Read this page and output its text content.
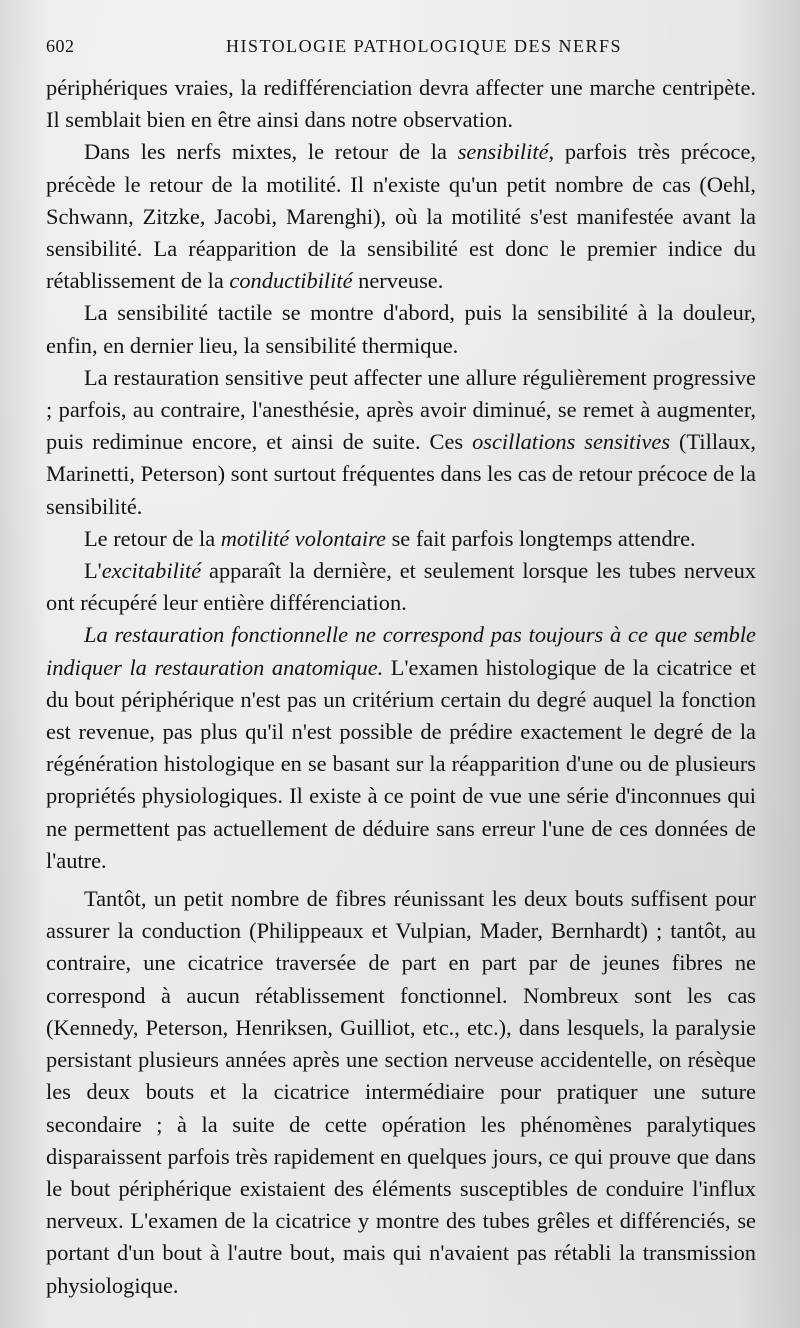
602	HISTOLOGIE PATHOLOGIQUE DES NERFS

périphériques vraies, la redifférenciation devra affecter une marche centripète. Il semblait bien en être ainsi dans notre observation.

Dans les nerfs mixtes, le retour de la sensibilité, parfois très précoce, précède le retour de la motilité. Il n'existe qu'un petit nombre de cas (Oehl, Schwann, Zitzke, Jacobi, Marenghi), où la motilité s'est manifestée avant la sensibilité. La réapparition de la sensibilité est donc le premier indice du rétablissement de la conductibilité nerveuse.

La sensibilité tactile se montre d'abord, puis la sensibilité à la douleur, enfin, en dernier lieu, la sensibilité thermique.

La restauration sensitive peut affecter une allure régulièrement progressive ; parfois, au contraire, l'anesthésie, après avoir diminué, se remet à augmenter, puis rediminue encore, et ainsi de suite. Ces oscillations sensitives (Tillaux, Marinetti, Peterson) sont surtout fréquentes dans les cas de retour précoce de la sensibilité.

Le retour de la motilité volontaire se fait parfois longtemps attendre.

L'excitabilité apparaît la dernière, et seulement lorsque les tubes nerveux ont récupéré leur entière différenciation.

La restauration fonctionnelle ne correspond pas toujours à ce que semble indiquer la restauration anatomique. L'examen histologique de la cicatrice et du bout périphérique n'est pas un critérium certain du degré auquel la fonction est revenue, pas plus qu'il n'est possible de prédire exactement le degré de la régénération histologique en se basant sur la réapparition d'une ou de plusieurs propriétés physiologiques. Il existe à ce point de vue une série d'inconnues qui ne permettent pas actuellement de déduire sans erreur l'une de ces données de l'autre.

Tantôt, un petit nombre de fibres réunissant les deux bouts suffisent pour assurer la conduction (Philippeaux et Vulpian, Mader, Bernhardt) ; tantôt, au contraire, une cicatrice traversée de part en part par de jeunes fibres ne correspond à aucun rétablissement fonctionnel. Nombreux sont les cas (Kennedy, Peterson, Henriksen, Guilliot, etc., etc.), dans lesquels, la paralysie persistant plusieurs années après une section nerveuse accidentelle, on résèque les deux bouts et la cicatrice intermédiaire pour pratiquer une suture secondaire ; à la suite de cette opération les phénomènes paralytiques disparaissent parfois très rapidement en quelques jours, ce qui prouve que dans le bout périphérique existaient des éléments susceptibles de conduire l'influx nerveux. L'examen de la cicatrice y montre des tubes grêles et différenciés, se portant d'un bout à l'autre bout, mais qui n'avaient pas rétabli la transmission physiologique.
